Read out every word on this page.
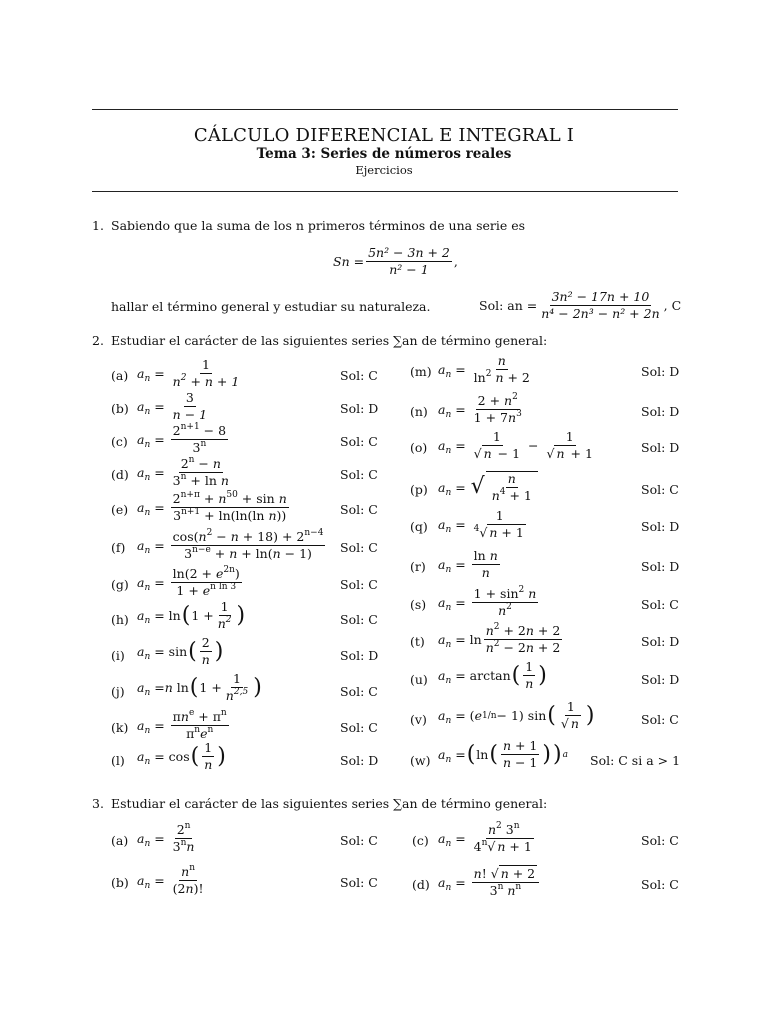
CÁLCULO DIFERENCIAL E INTEGRAL I
Tema 3: Series de números reales
Ejercicios
1. Sabiendo que la suma de los n primeros términos de una serie es
$Sn = \frac{\text{5n² − 3n + 2}}{\text{n² − 1}}$ ,
hallar el término general y estudiar su naturaleza.	Sol: an = $\frac{\text{3n² − 17n + 10}}{\text{n⁴ − 2n³ − n² + 2n}}$ , C
2. Estudiar el carácter de las siguientes series ∑an de término general:
(a) $a_n = \frac{1}{n^2 + n + 1}$	Sol: C
(b) $a_n = \frac{3}{n - 1}$	Sol: D
(c) $a_n = \frac{2^{n+1} - 8}{3^n}$	Sol: C
(d) $a_n = \frac{2^n - n}{3^n + \ln n}$	Sol: C
(e) $a_n = \frac{2^{n+\pi} + n^{50} + \sin n}{3^{n+1} + \ln(\ln(\ln n))}$	Sol: C
(f) $a_n = \frac{\cos(n^2 - n + 18) + 2^{n-4}}{3^{n-e} + n + \ln(n - 1)}$ Sol: C
(g) $a_n = \frac{\ln(2 + e^{2n})}{1 + e^{n ln 3}}$	Sol: C
(h) $a_n = \ln$ ( $1 + \frac{1}{n^2}$ )	Sol: C
(i) $a_n = \sin$ ( $\frac{2}{n}$ )	Sol: D
(j) $a_n = n$ ln ( $1 + \frac{1}{n^{2,5}}$ )	Sol: C
(k) $a_n = \frac{\pi n^e + \pi^n}{\pi^ne^n}$	Sol: C
(l) $a_n = \cos$ ( $\frac{1}{n}$ )	Sol: D
(m) $a_n = \frac{n}{\ln^2 n + 2}$	Sol: D
(n) $a_n = \frac{2 + n^2}{1 + 7n^3}$	Sol: D
(o) $a_n = \frac{1}{√ n - 1} - \frac{1}{√ n + 1}$	Sol: D
(p) $a_n$ = √ $\frac{n}{n^4 + 1}$	Sol: C
(q) $a_n = \frac{1}{^4√ n + 1}$	Sol: D
(r) $a_n = \frac{\text{ln n}}{n}$	Sol: D
(s) $a_n = \frac{1 + \sin^2 n}{n^2}$	Sol: C
(t) $a_n = \ln \frac{n^2 + 2n + 2}{n^2 - 2n + 2}$	Sol: D
(u) $a_n = \arctan$ ( $\frac{1}{n}$ )	Sol: D
(v) $a_n$ = ( e 1/n − 1) sin ( $\frac{1}{√ n}$ )	Sol: C
(w) $a_n$ = ( ln ( $\frac{n + 1}{n - 1}$ ) ) a Sol: C si a > 1
3. Estudiar el carácter de las siguientes series ∑an de término general:
(a) $a_n = \frac{2^n}{3^nn}$	Sol: C
(b) $a_n = \frac{n^n}{(2n)!}$	Sol: C
(c) $a_n = \frac{n^2 3^n}{4^n√ n + 1}$	Sol: C
(d) $a_n = \frac{n! √ n + 2}{3^n n^n}$	Sol: C
